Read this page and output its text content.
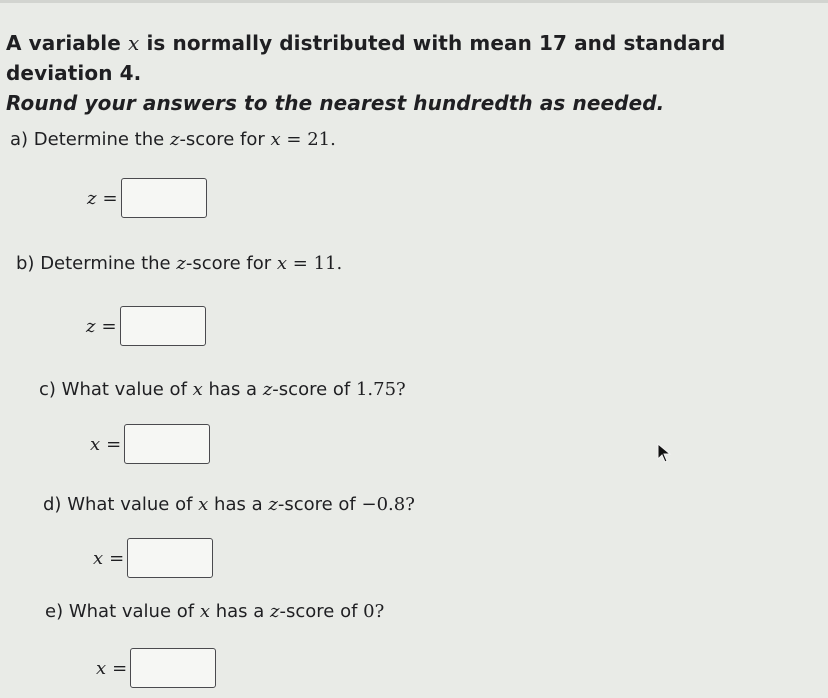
A variable x is normally distributed with mean 17 and standard deviation 4.
Round your answers to the nearest hundredth as needed.
a) Determine the z-score for x = 21.
z =
b) Determine the z-score for x = 11.
z =
c) What value of x has a z-score of 1.75?
x =
d) What value of x has a z-score of −0.8?
x =
e) What value of x has a z-score of 0?
x =
